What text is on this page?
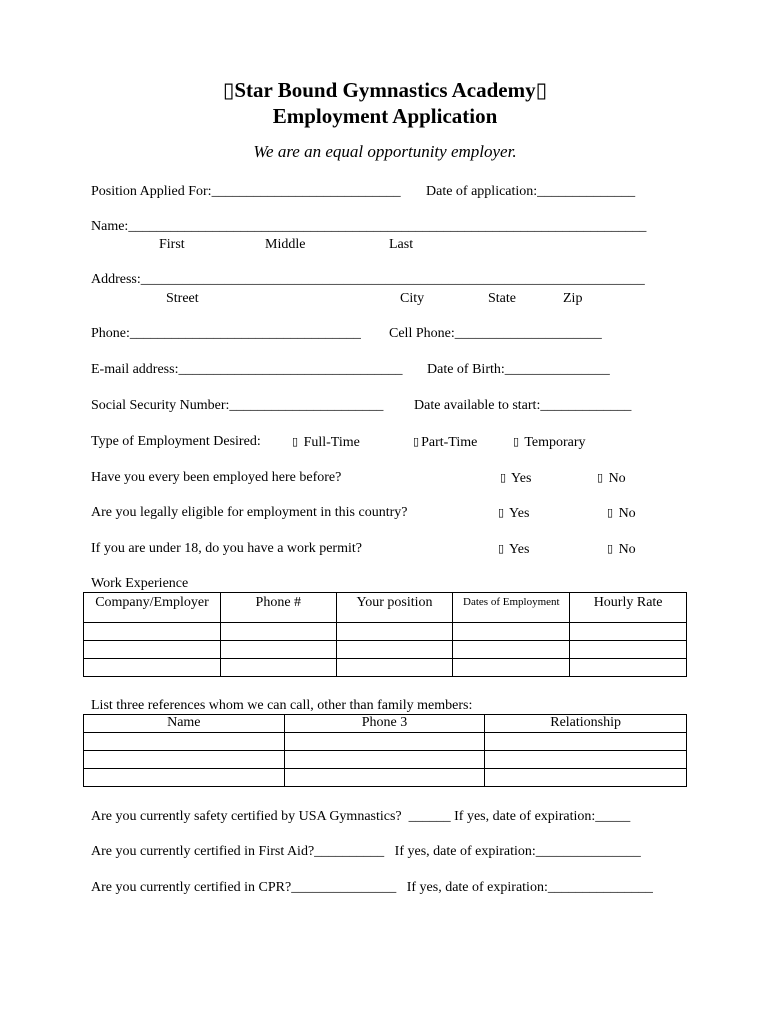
▯Star Bound Gymnastics Academy▯
Employment Application
We are an equal opportunity employer.
Position Applied For:___________________________ Date of application:______________
Name:__________________________________________________________________________
First	Middle	Last
Address:________________________________________________________________________
Street	City	State	Zip
Phone:_________________________________ Cell Phone:_____________________
E-mail address:________________________________ Date of Birth:_______________
Social Security Number:______________________ Date available to start:_____________
Type of Employment Desired:	▯ Full-Time	▯ Part-Time	▯ Temporary
Have you every been employed here before?	▯ Yes	▯ No
Are you legally eligible for employment in this country?	▯ Yes	▯ No
If you are under 18, do you have a work permit?	▯ Yes	▯ No
Work Experience
Company/Employer	Phone #	Your position	Dates of Employment	Hourly Rate

List three references whom we can call, other than family members:
Name	Phone 3	Relationship

Are you currently safety certified by USA Gymnastics?  ______ If yes, date of expiration:_____
Are you currently certified in First Aid?__________   If yes, date of expiration:_______________
Are you currently certified in CPR?_______________   If yes, date of expiration:_______________
